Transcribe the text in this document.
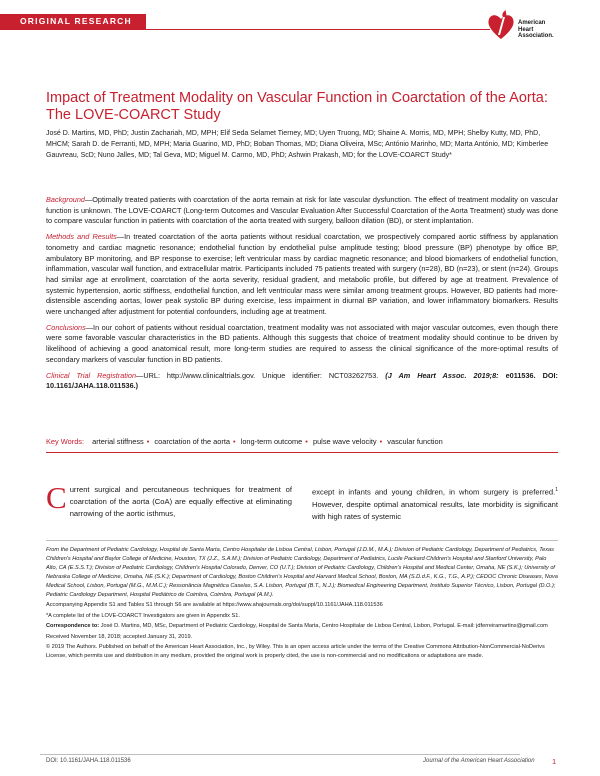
ORIGINAL RESEARCH	American
Heart
Association.
Impact of Treatment Modality on Vascular Function in Coarctation of the Aorta: The LOVE-COARCT Study
José D. Martins, MD, PhD; Justin Zachariah, MD, MPH; Elif Seda Selamet Tierney, MD; Uyen Truong, MD; Shaine A. Morris, MD, MPH; Shelby Kutty, MD, PhD, MHCM; Sarah D. de Ferranti, MD, MPH; Maria Guarino, MD, PhD; Boban Thomas, MD; Diana Oliveira, MSc; António Marinho, MD; Marta António, MD; Kimberlee Gauvreau, ScD; Nuno Jalles, MD; Tal Geva, MD; Miguel M. Carmo, MD, PhD; Ashwin Prakash, MD; for the LOVE-COARCT Study*

Background—Optimally treated patients with coarctation of the aorta remain at risk for late vascular dysfunction. The effect of treatment modality on vascular function is unknown. The LOVE-COARCT (Long-term Outcomes and Vascular Evaluation After Successful Coarctation of the Aorta Treatment) study was done to compare vascular function in patients with coarctation of the aorta treated with surgery, balloon dilation (BD), or stent implantation.

Methods and Results—In treated coarctation of the aorta patients without residual coarctation, we prospectively compared aortic stiffness by applanation tonometry and cardiac magnetic resonance; endothelial function by endothelial pulse amplitude testing; blood pressure (BP) phenotype by office BP, ambulatory BP monitoring, and BP response to exercise; left ventricular mass by cardiac magnetic resonance; and blood biomarkers of endothelial function, inflammation, vascular wall function, and extracellular matrix. Participants included 75 patients treated with surgery (n=28), BD (n=23), or stent (n=24). Groups had similar age at enrollment, coarctation of the aorta severity, residual gradient, and metabolic profile, but differed by age at treatment. Prevalence of systemic hypertension, aortic stiffness, endothelial function, and left ventricular mass were similar among treatment groups. However, BD patients had more-distensible ascending aortas, lower peak systolic BP during exercise, less impairment in diurnal BP variation, and lower inflammatory biomarkers. Results were unchanged after adjustment for potential confounders, including age at treatment.

Conclusions—In our cohort of patients without residual coarctation, treatment modality was not associated with major vascular outcomes, even though there were some favorable vascular characteristics in the BD patients. Although this suggests that choice of treatment modality should continue to be driven by likelihood of achieving a good anatomical result, more long-term studies are required to assess the clinical significance of the more-optimal results of secondary markers of vascular function in BD patients.

Clinical Trial Registration—URL: http://www.clinicaltrials.gov. Unique identifier: NCT03262753. (J Am Heart Assoc. 2019;8: e011536. DOI: 10.1161/JAHA.118.011536.)

Key Words: arterial stiffness • coarctation of the aorta • long-term outcome • pulse wave velocity • vascular function
Current surgical and percutaneous techniques for treatment of coarctation of the aorta (CoA) are equally effective at eliminating narrowing of the aortic isthmus,
except in infants and young children, in whom surgery is preferred.$^1$ However, despite optimal anatomical results, late morbidity is significant with high rates of systemic

From the Department of Pediatric Cardiology, Hospital de Santa Marta, Centro Hospitalar de Lisboa Central, Lisbon, Portugal (J.D.M., M.A.); Division of Pediatric Cardiology, Department of Pediatrics, Texas Children's Hospital and Baylor College of Medicine, Houston, TX (J.Z., S.A.M.); Division of Pediatric Cardiology, Department of Pediatrics, Lucile Packard Children's Hospital and Stanford University, Palo Alto, CA (E.S.S.T.); Division of Pediatric Cardiology, Children's Hospital Colorado, Denver, CO (U.T.); Division of Pediatric Cardiology, Children's Hospital and Medical Center, Omaha, NE (S.K.); University of Nebraska College of Medicine, Omaha, NE (S.K.); Department of Cardiology, Boston Children's Hospital and Harvard Medical School, Boston, MA (S.D.d.F., K.G., T.G., A.P.); CEDOC Chronic Diseases, Nova Medical School, Lisbon, Portugal (M.G., M.M.C.); Ressonância Magnética Caselas, S.A. Lisbon, Portugal (B.T., N.J.); Biomedical Engineering Department, Instituto Superior Técnico, Lisbon, Portugal (D.O.); Pediatric Cardiology Department, Hospital Pediátrico de Coimbra, Coimbra, Portugal (A.M.).

Accompanying Appendix S1 and Tables S1 through S6 are available at https://www.ahajournals.org/doi/suppl/10.1161/JAHA.118.011536

*A complete list of the LOVE-COARCT Investigators are given in Appendix S1.

Correspondence to: José D. Martins, MD, MSc, Department of Pediatric Cardiology, Hospital de Santa Marta, Centro Hospitalar de Lisboa Central, Lisbon, Portugal. E-mail: jdferreiramartins@gmail.com

Received November 18, 2018; accepted January 31, 2019.

© 2019 The Authors. Published on behalf of the American Heart Association, Inc., by Wiley. This is an open access article under the terms of the Creative Commons Attribution-NonCommercial-NoDerivs License, which permits use and distribution in any medium, provided the original work is properly cited, the use is non-commercial and no modifications or adaptations are made.

DOI: 10.1161/JAHA.118.011536	Journal of the American Heart Association 1
